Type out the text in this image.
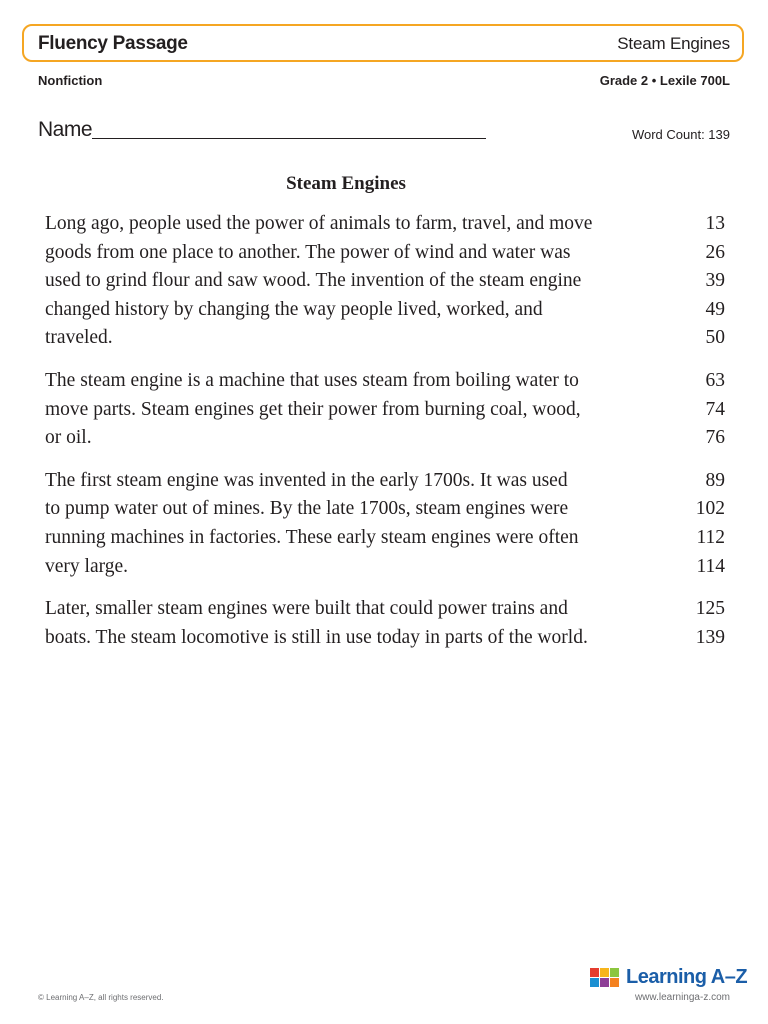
Fluency Passage	Steam Engines
Nonfiction	Grade 2 • Lexile 700L
Name	Word Count: 139
Steam Engines
Long ago, people used the power of animals to farm, travel, and move	13
goods from one place to another. The power of wind and water was	26
used to grind flour and saw wood. The invention of the steam engine	39
changed history by changing the way people lived, worked, and	49
traveled.	50
The steam engine is a machine that uses steam from boiling water to	63
move parts. Steam engines get their power from burning coal, wood,	74
or oil.	76
The first steam engine was invented in the early 1700s. It was used	89
to pump water out of mines. By the late 1700s, steam engines were	102
running machines in factories. These early steam engines were often	112
very large.	114
Later, smaller steam engines were built that could power trains and	125
boats. The steam locomotive is still in use today in parts of the world.	139
© Learning A–Z, all rights reserved.
Learning A–Z
www.learninga-z.com
